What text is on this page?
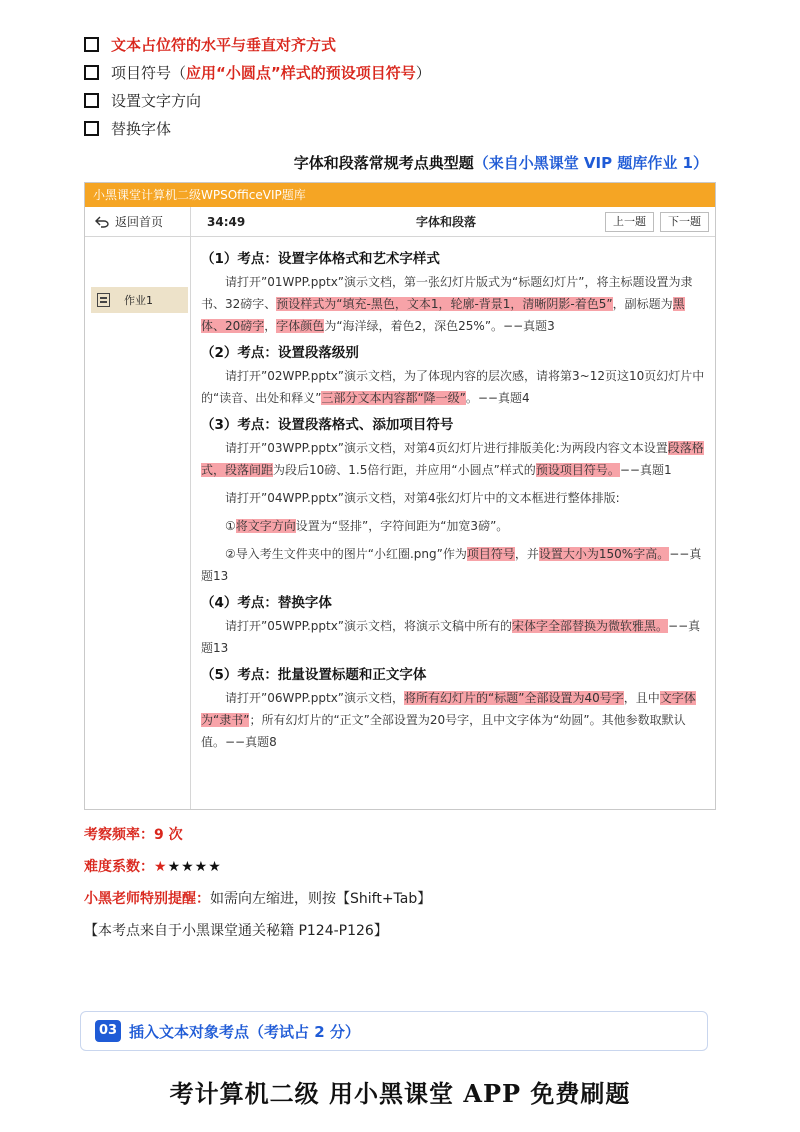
文本占位符的水平与垂直对齐方式
项目符号（ 应用“小圆点”样式的预设项目符号 ）
设置文字方向
替换字体
字体和段落常规考点典型题（来自小黑课堂 VIP 题库作业 1）
小黑课堂计算机二级WPSOfficeVIP题库
返回首页	34:49	字体和段落	上一题	下一题
作业1
（1）考点：设置字体格式和艺术字样式
请打开”01WPP.pptx”演示文档，第一张幻灯片版式为“标题幻灯片”，将主标题设置为隶书、32磅字、预设样式为“填充-黑色，文本1，轮廓-背景1，清晰阴影-着色5”，副标题为黑体、20磅字，字体颜色为“海洋绿，着色2，深色25%”。−−真题3
（2）考点：设置段落级别
请打开”02WPP.pptx”演示文档，为了体现内容的层次感，请将第3~12页这10页幻灯片中的“读音、出处和释义”三部分文本内容都“降一级”。−−真题4
（3）考点：设置段落格式、添加项目符号
请打开”03WPP.pptx”演示文档，对第4页幻灯片进行排版美化:为两段内容文本设置段落格式，段落间距为段后10磅、1.5倍行距，并应用“小圆点”样式的预设项目符号。−−真题1
请打开”04WPP.pptx”演示文档，对第4张幻灯片中的文本框进行整体排版:
①将文字方向设置为“竖排”，字符间距为“加宽3磅”。
②导入考生文件夹中的图片“小红圈.png”作为项目符号，并设置大小为150%字高。−−真题13
（4）考点：替换字体
请打开”05WPP.pptx”演示文档，将演示文稿中所有的宋体字全部替换为微软雅黑。−−真题13
（5）考点：批量设置标题和正文字体
请打开”06WPP.pptx”演示文档，将所有幻灯片的“标题”全部设置为40号字，且中文字体为“隶书”；所有幻灯片的“正文”全部设置为20号字，且中文字体为“幼圆”。其他参数取默认值。−−真题8
考察频率：9 次
难度系数：★★★★★
小黑老师特别提醒：如需向左缩进，则按【Shift+Tab】
【本考点来自于小黑课堂通关秘籍 P124-P126】
03 插入文本对象考点（考试占 2 分）
考计算机二级 用小黑课堂 APP 免费刷题
